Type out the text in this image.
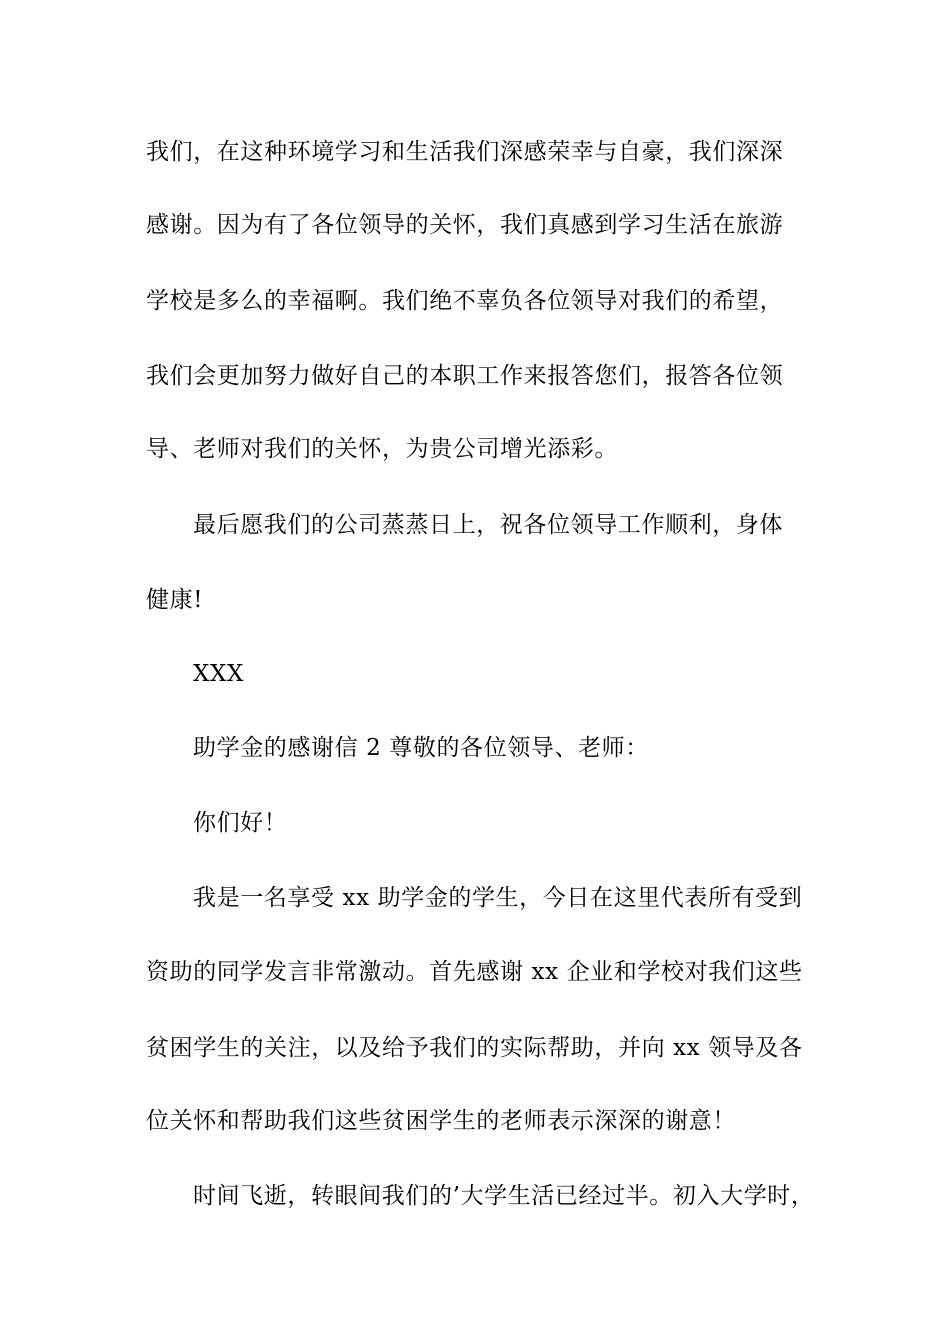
我们，在这种环境学习和生活我们深感荣幸与自豪，我们深深
感谢。因为有了各位领导的关怀，我们真感到学习生活在旅游
学校是多么的幸福啊。我们绝不辜负各位领导对我们的希望，
我们会更加努力做好自己的本职工作来报答您们，报答各位领
导、老师对我们的关怀，为贵公司增光添彩。
最后愿我们的公司蒸蒸日上，祝各位领导工作顺利，身体
健康!
XXX
助学金的感谢信 2 尊敬的各位领导、老师：
你们好！
我是一名享受 xx 助学金的学生，今日在这里代表所有受到
资助的同学发言非常激动。首先感谢 xx 企业和学校对我们这些
贫困学生的关注，以及给予我们的实际帮助，并向 xx 领导及各
位关怀和帮助我们这些贫困学生的老师表示深深的谢意！
时间飞逝，转眼间我们的’大学生活已经过半。初入大学时，
